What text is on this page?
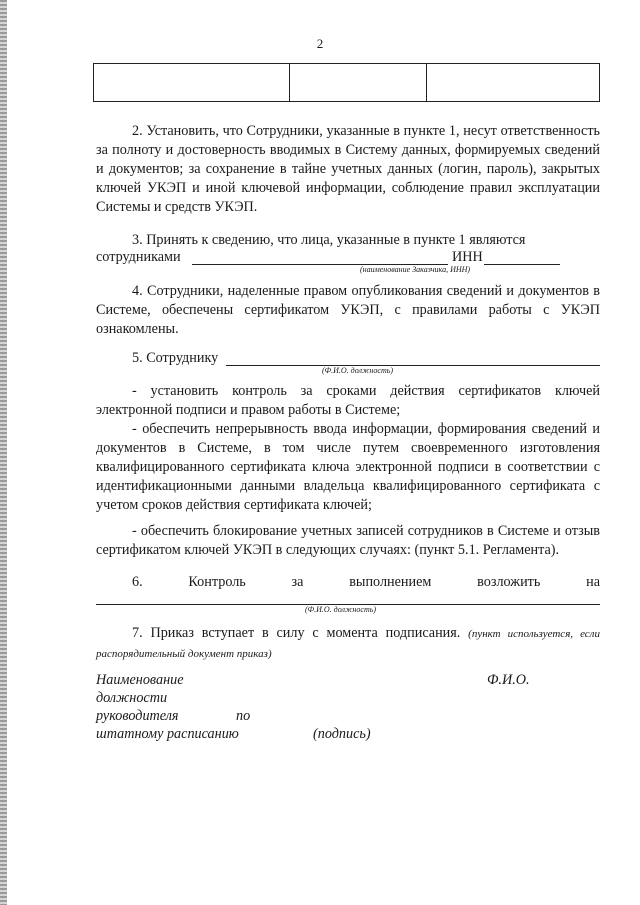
2

2. Установить, что Сотрудники, указанные в пункте 1, несут ответственность за полноту и достоверность вводимых в Систему данных, формируемых сведений и документов; за сохранение в тайне учетных данных (логин, пароль), закрытых ключей УКЭП и иной ключевой информации, соблюдение правил эксплуатации Системы и средств УКЭП.
3. Принять к сведению, что лица, указанные в пункте 1 являются
сотрудниками	ИНН
(наименование Заказчика, ИНН)
4. Сотрудники, наделенные правом опубликования сведений и документов в Системе, обеспечены сертификатом УКЭП, с правилами работы с УКЭП ознакомлены.
5. Сотруднику
(Ф.И.О. должность)
- установить контроль за сроками действия сертификатов ключей электронной подписи и правом работы в Системе;
- обеспечить непрерывность ввода информации, формирования сведений и документов в Системе, в том числе путем своевременного изготовления квалифицированного сертификата ключа электронной подписи в соответствии с идентификационными данными владельца квалифицированного сертификата с учетом сроков действия сертификата ключей;
- обеспечить блокирование учетных записей сотрудников в Системе и отзыв сертификатом ключей УКЭП в следующих случаях: (пункт 5.1. Регламента).
6. Контроль за выполнением возложить на
(Ф.И.О. должность)
7. Приказ вступает в силу с момента подписания. (пункт используется, если распорядительный документ приказ)
Наименование
должности
руководителя	по
штатному расписанию	(подпись)
Ф.И.О.
